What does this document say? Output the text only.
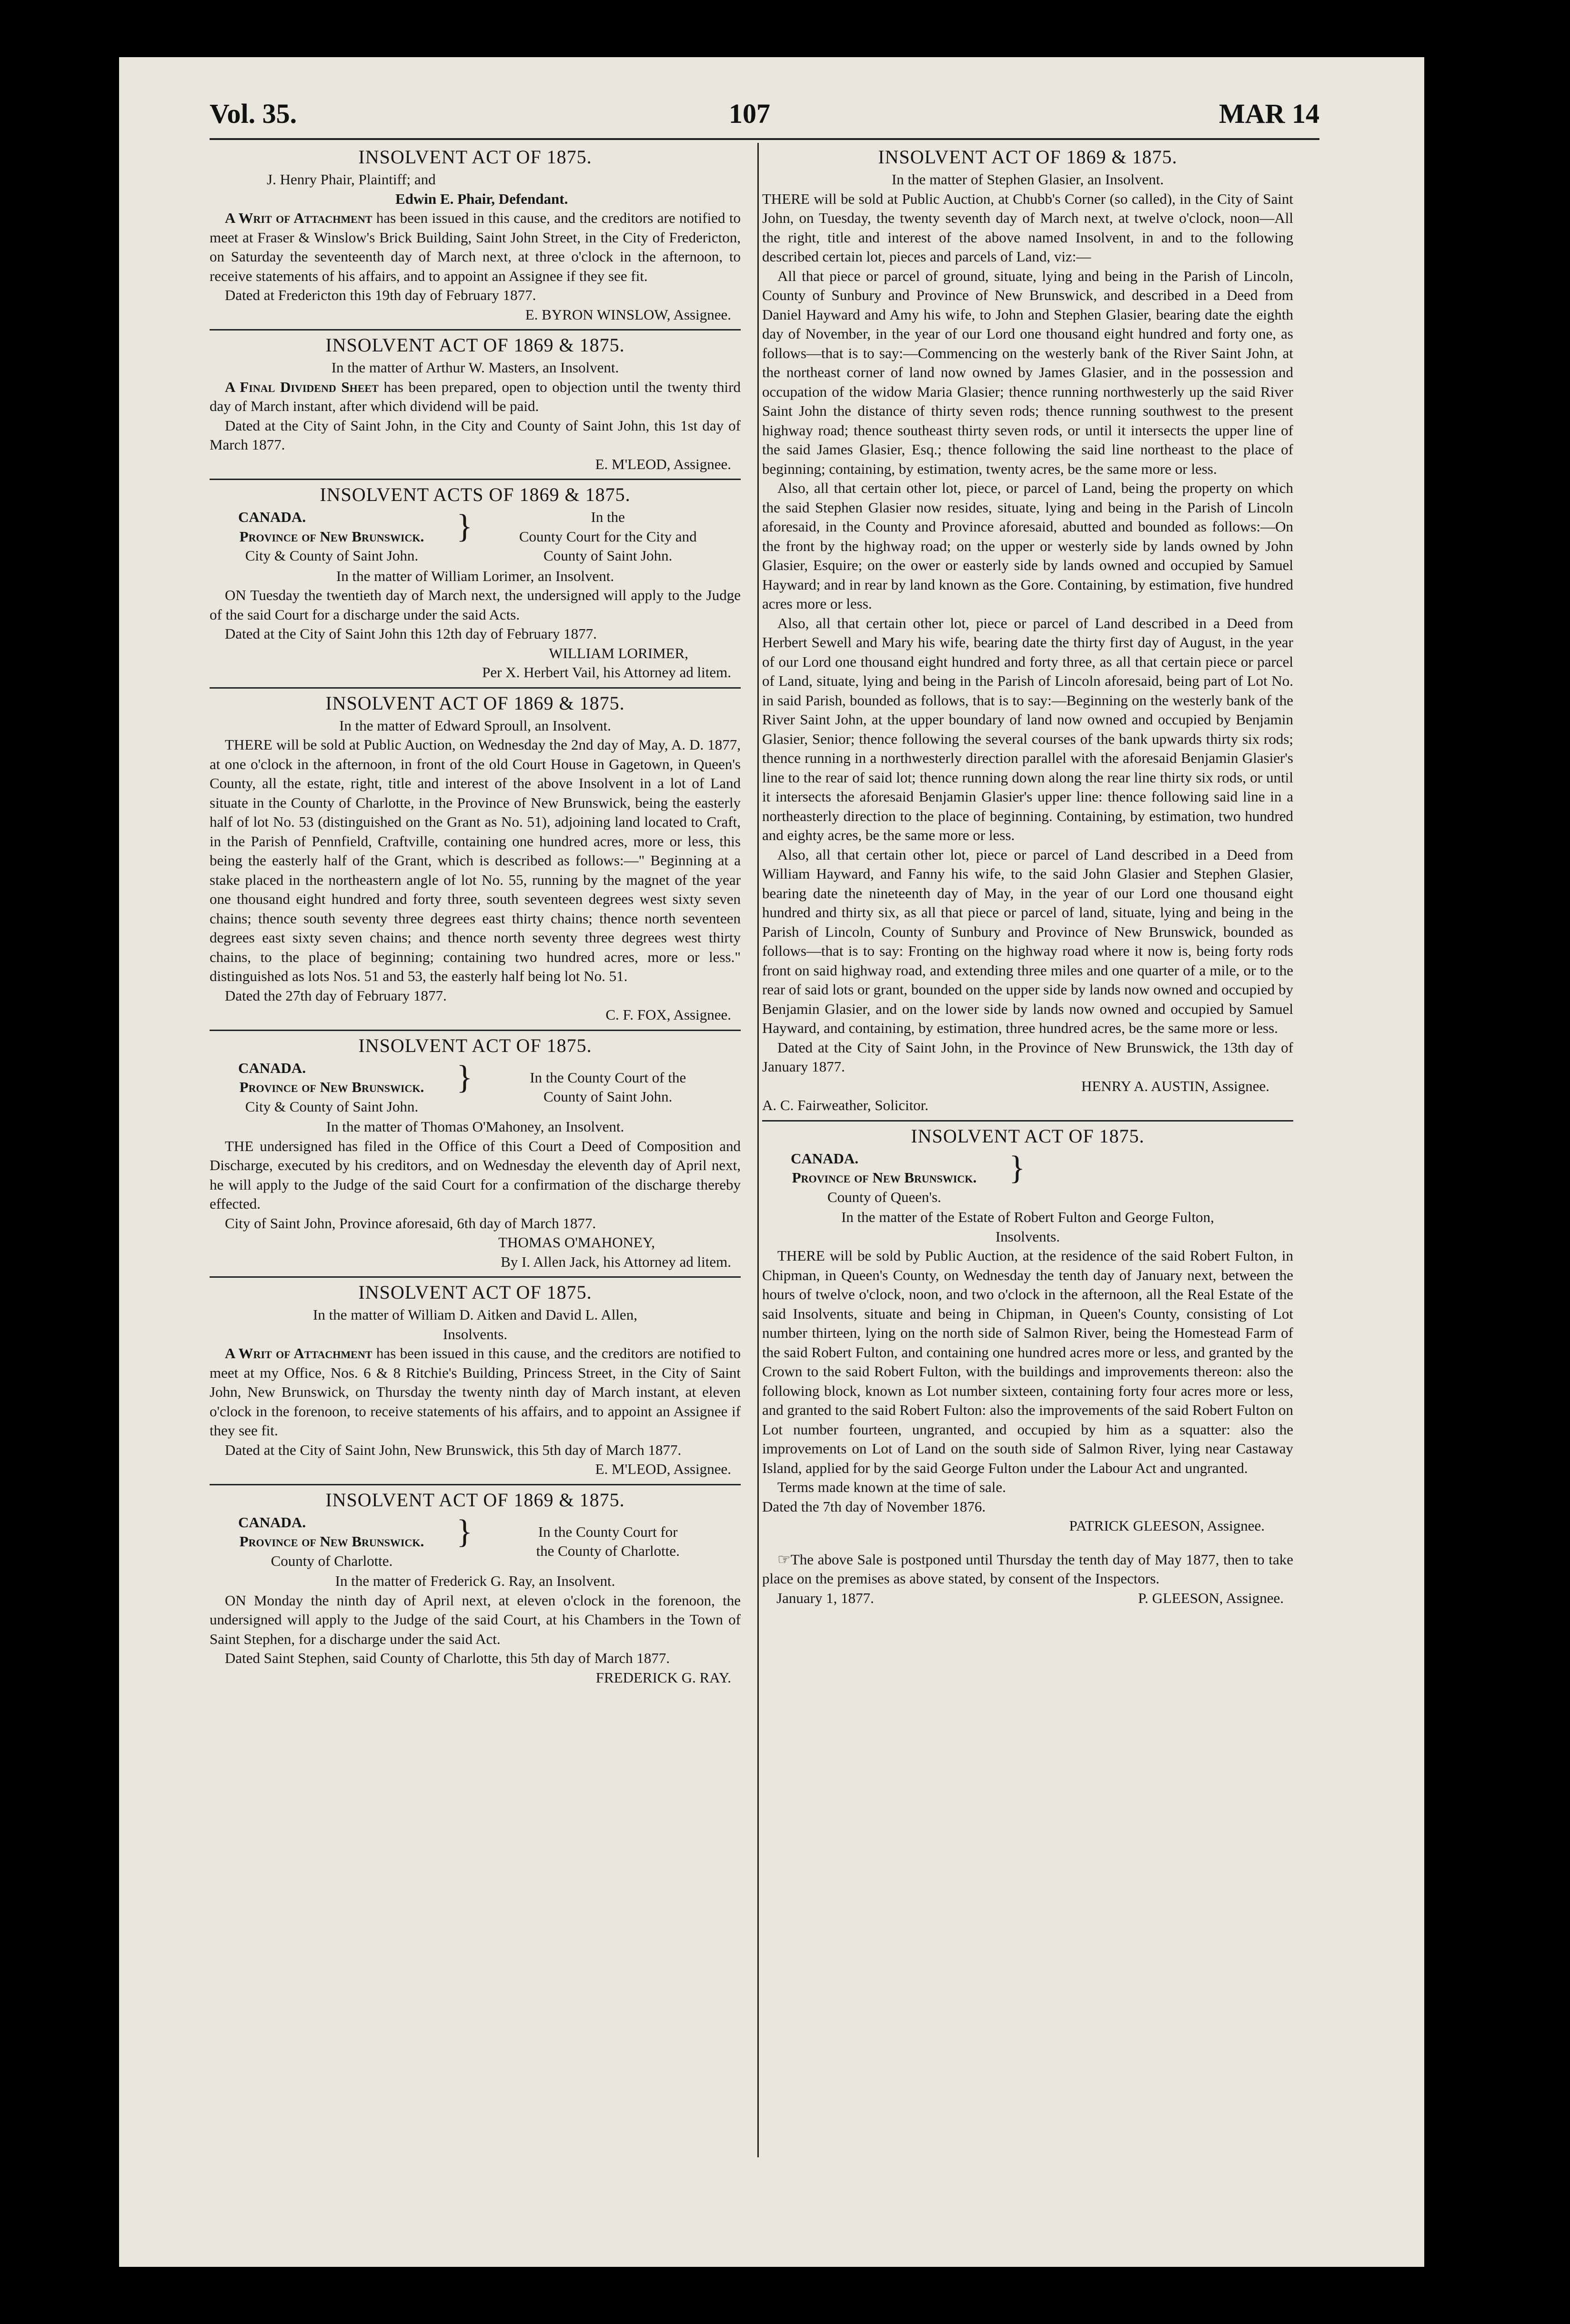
Vol. 35.	107	MAR 14
INSOLVENT ACT OF 1875.
J. Henry Phair, Plaintiff; and
Edwin E. Phair, Defendant.

A Writ of Attachment has been issued in this cause, and the creditors are notified to meet at Fraser & Winslow's Brick Building, Saint John Street, in the City of Fredericton, on Saturday the seventeenth day of March next, at three o'clock in the afternoon, to receive statements of his affairs, and to appoint an Assignee if they see fit.

Dated at Fredericton this 19th day of February 1877.

E. BYRON WINSLOW, Assignee.
INSOLVENT ACT OF 1869 & 1875.
In the matter of Arthur W. Masters, an Insolvent.

A Final Dividend Sheet has been prepared, open to objection until the twenty third day of March instant, after which dividend will be paid.

Dated at the City of Saint John, in the City and County of Saint John, this 1st day of March 1877.

E. M'LEOD, Assignee.
INSOLVENT ACTS OF 1869 & 1875.
CANADA.
Province of New Brunswick.
City & County of Saint John.
}	In the
County Court for the City and
County of Saint John.
In the matter of William Lorimer, an Insolvent.

ON Tuesday the twentieth day of March next, the undersigned will apply to the Judge of the said Court for a discharge under the said Acts.

Dated at the City of Saint John this 12th day of February 1877.

WILLIAM LORIMER,
Per X. Herbert Vail, his Attorney ad litem.
INSOLVENT ACT OF 1869 & 1875.
In the matter of Edward Sproull, an Insolvent.

THERE will be sold at Public Auction, on Wednesday the 2nd day of May, A. D. 1877, at one o'clock in the afternoon, in front of the old Court House in Gagetown, in Queen's County, all the estate, right, title and interest of the above Insolvent in a lot of Land situate in the County of Charlotte, in the Province of New Brunswick, being the easterly half of lot No. 53 (distinguished on the Grant as No. 51), adjoining land located to Craft, in the Parish of Pennfield, Craftville, containing one hundred acres, more or less, this being the easterly half of the Grant, which is described as follows:—" Beginning at a stake placed in the northeastern angle of lot No. 55, running by the magnet of the year one thousand eight hundred and forty three, south seventeen degrees west sixty seven chains; thence south seventy three degrees east thirty chains; thence north seventeen degrees east sixty seven chains; and thence north seventy three degrees west thirty chains, to the place of beginning; containing two hundred acres, more or less." distinguished as lots Nos. 51 and 53, the easterly half being lot No. 51.

Dated the 27th day of February 1877.

C. F. FOX, Assignee.
INSOLVENT ACT OF 1875.
CANADA.
Province of New Brunswick.
City & County of Saint John.
}	In the County Court of the
County of Saint John.
In the matter of Thomas O'Mahoney, an Insolvent.

THE undersigned has filed in the Office of this Court a Deed of Composition and Discharge, executed by his creditors, and on Wednesday the eleventh day of April next, he will apply to the Judge of the said Court for a confirmation of the discharge thereby effected.

City of Saint John, Province aforesaid, 6th day of March 1877.

THOMAS O'MAHONEY,
By I. Allen Jack, his Attorney ad litem.
INSOLVENT ACT OF 1875.
In the matter of William D. Aitken and David L. Allen,
Insolvents.

A Writ of Attachment has been issued in this cause, and the creditors are notified to meet at my Office, Nos. 6 & 8 Ritchie's Building, Princess Street, in the City of Saint John, New Brunswick, on Thursday the twenty ninth day of March instant, at eleven o'clock in the forenoon, to receive statements of his affairs, and to appoint an Assignee if they see fit.

Dated at the City of Saint John, New Brunswick, this 5th day of March 1877.

E. M'LEOD, Assignee.
INSOLVENT ACT OF 1869 & 1875.
CANADA.
Province of New Brunswick.
County of Charlotte.
}	In the County Court for
the County of Charlotte.
In the matter of Frederick G. Ray, an Insolvent.

ON Monday the ninth day of April next, at eleven o'clock in the forenoon, the undersigned will apply to the Judge of the said Court, at his Chambers in the Town of Saint Stephen, for a discharge under the said Act.

Dated Saint Stephen, said County of Charlotte, this 5th day of March 1877.

FREDERICK G. RAY.
INSOLVENT ACT OF 1869 & 1875.
In the matter of Stephen Glasier, an Insolvent.

THERE will be sold at Public Auction, at Chubb's Corner (so called), in the City of Saint John, on Tuesday, the twenty seventh day of March next, at twelve o'clock, noon—All the right, title and interest of the above named Insolvent, in and to the following described certain lot, pieces and parcels of Land, viz:—

All that piece or parcel of ground, situate, lying and being in the Parish of Lincoln, County of Sunbury and Province of New Brunswick, and described in a Deed from Daniel Hayward and Amy his wife, to John and Stephen Glasier, bearing date the eighth day of November, in the year of our Lord one thousand eight hundred and forty one, as follows—that is to say:—Commencing on the westerly bank of the River Saint John, at the northeast corner of land now owned by James Glasier, and in the possession and occupation of the widow Maria Glasier; thence running northwesterly up the said River Saint John the distance of thirty seven rods; thence running southwest to the present highway road; thence southeast thirty seven rods, or until it intersects the upper line of the said James Glasier, Esq.; thence following the said line northeast to the place of beginning; containing, by estimation, twenty acres, be the same more or less.

Also, all that certain other lot, piece, or parcel of Land, being the property on which the said Stephen Glasier now resides, situate, lying and being in the Parish of Lincoln aforesaid, in the County and Province aforesaid, abutted and bounded as follows:—On the front by the highway road; on the upper or westerly side by lands owned by John Glasier, Esquire; on the ower or easterly side by lands owned and occupied by Samuel Hayward; and in rear by land known as the Gore. Containing, by estimation, five hundred acres more or less.

Also, all that certain other lot, piece or parcel of Land described in a Deed from Herbert Sewell and Mary his wife, bearing date the thirty first day of August, in the year of our Lord one thousand eight hundred and forty three, as all that certain piece or parcel of Land, situate, lying and being in the Parish of Lincoln aforesaid, being part of Lot No. in said Parish, bounded as follows, that is to say:—Beginning on the westerly bank of the River Saint John, at the upper boundary of land now owned and occupied by Benjamin Glasier, Senior; thence following the several courses of the bank upwards thirty six rods; thence running in a northwesterly direction parallel with the aforesaid Benjamin Glasier's line to the rear of said lot; thence running down along the rear line thirty six rods, or until it intersects the aforesaid Benjamin Glasier's upper line: thence following said line in a northeasterly direction to the place of beginning. Containing, by estimation, two hundred and eighty acres, be the same more or less.

Also, all that certain other lot, piece or parcel of Land described in a Deed from William Hayward, and Fanny his wife, to the said John Glasier and Stephen Glasier, bearing date the nineteenth day of May, in the year of our Lord one thousand eight hundred and thirty six, as all that piece or parcel of land, situate, lying and being in the Parish of Lincoln, County of Sunbury and Province of New Brunswick, bounded as follows—that is to say: Fronting on the highway road where it now is, being forty rods front on said highway road, and extending three miles and one quarter of a mile, or to the rear of said lots or grant, bounded on the upper side by lands now owned and occupied by Benjamin Glasier, and on the lower side by lands now owned and occupied by Samuel Hayward, and containing, by estimation, three hundred acres, be the same more or less.

Dated at the City of Saint John, in the Province of New Brunswick, the 13th day of January 1877.

HENRY A. AUSTIN, Assignee.
A. C. Fairweather, Solicitor.
INSOLVENT ACT OF 1875.
CANADA.
Province of New Brunswick.
County of Queen's.
}
In the matter of the Estate of Robert Fulton and George Fulton,
Insolvents.

THERE will be sold by Public Auction, at the residence of the said Robert Fulton, in Chipman, in Queen's County, on Wednesday the tenth day of January next, between the hours of twelve o'clock, noon, and two o'clock in the afternoon, all the Real Estate of the said Insolvents, situate and being in Chipman, in Queen's County, consisting of Lot number thirteen, lying on the north side of Salmon River, being the Homestead Farm of the said Robert Fulton, and containing one hundred acres more or less, and granted by the Crown to the said Robert Fulton, with the buildings and improvements thereon: also the following block, known as Lot number sixteen, containing forty four acres more or less, and granted to the said Robert Fulton: also the improvements of the said Robert Fulton on Lot number fourteen, ungranted, and occupied by him as a squatter: also the improvements on Lot of Land on the south side of Salmon River, lying near Castaway Island, applied for by the said George Fulton under the Labour Act and ungranted.

Terms made known at the time of sale.

Dated the 7th day of November 1876.

PATRICK GLEESON, Assignee.

☞The above Sale is postponed until Thursday the tenth day of May 1877, then to take place on the premises as above stated, by consent of the Inspectors.

January 1, 1877.	P. GLEESON, Assignee.
